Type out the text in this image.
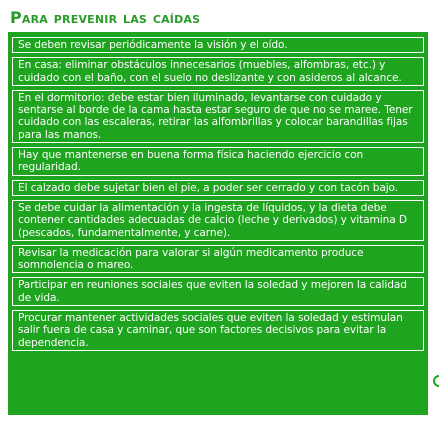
Para prevenir las caídas
Se deben revisar periódicamente la visión y el oído.
En casa: eliminar obstáculos innecesarios (muebles, alfombras, etc.) y cuidado con el baño, con el suelo no deslizante y con asideros al alcance.
En el dormitorio: debe estar bien iluminado, levantarse con cuidado y sentarse al borde de la cama hasta estar seguro de que no se maree. Tener cuidado con las escaleras, retirar las alfombrillas y colocar barandillas fijas para las manos.
Hay que mantenerse en buena forma física haciendo ejercicio con regularidad.
El calzado debe sujetar bien el pie, a poder ser cerrado y con tacón bajo.
Se debe cuidar la alimentación y la ingesta de líquidos, y la dieta debe contener cantidades adecuadas de calcio (leche y derivados) y vitamina D (pescados, fundamentalmente, y carne).
Revisar la medicación para valorar si algún medicamento produce somnolencia o mareo.
Participar en reuniones sociales que eviten la soledad y mejoren la calidad de vida.
Procurar mantener actividades sociales que eviten la soledad y estimulan salir fuera de casa y caminar, que son factores decisivos para evitar la dependencia.
